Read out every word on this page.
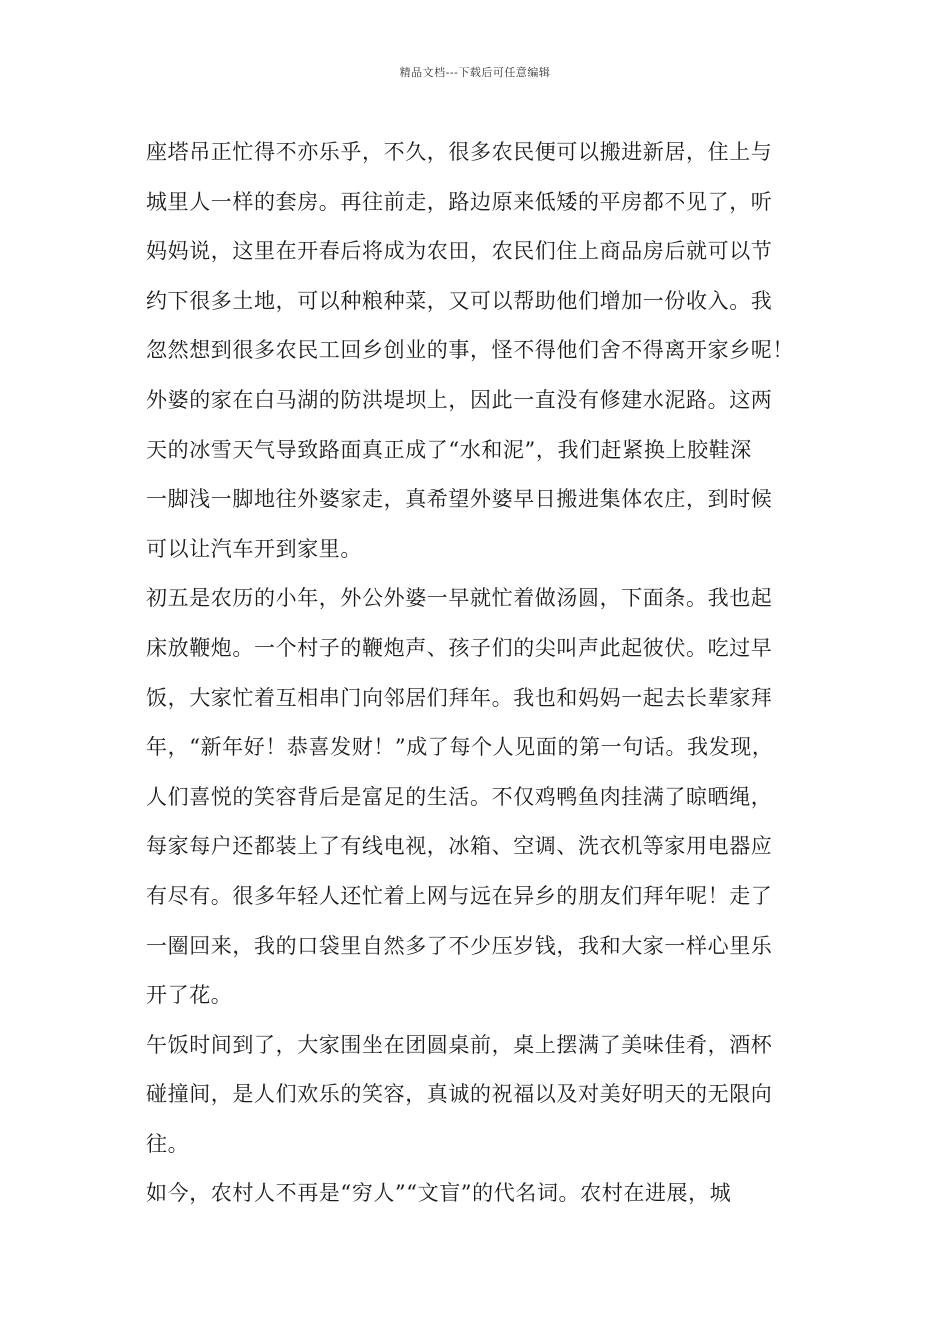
精品文档---下载后可任意编辑
座塔吊正忙得不亦乐乎，不久，很多农民便可以搬进新居，住上与
城里人一样的套房。再往前走，路边原来低矮的平房都不见了，听
妈妈说，这里在开春后将成为农田，农民们住上商品房后就可以节
约下很多土地，可以种粮种菜，又可以帮助他们增加一份收入。我
忽然想到很多农民工回乡创业的事，怪不得他们舍不得离开家乡呢！
外婆的家在白马湖的防洪堤坝上，因此一直没有修建水泥路。这两
天的冰雪天气导致路面真正成了“水和泥”，我们赶紧换上胶鞋深
一脚浅一脚地往外婆家走，真希望外婆早日搬进集体农庄，到时候
可以让汽车开到家里。
初五是农历的小年，外公外婆一早就忙着做汤圆，下面条。我也起
床放鞭炮。一个村子的鞭炮声、孩子们的尖叫声此起彼伏。吃过早
饭，大家忙着互相串门向邻居们拜年。我也和妈妈一起去长辈家拜
年，“新年好！恭喜发财！”成了每个人见面的第一句话。我发现，
人们喜悦的笑容背后是富足的生活。不仅鸡鸭鱼肉挂满了晾晒绳，
每家每户还都装上了有线电视，冰箱、空调、洗衣机等家用电器应
有尽有。很多年轻人还忙着上网与远在异乡的朋友们拜年呢！走了
一圈回来，我的口袋里自然多了不少压岁钱，我和大家一样心里乐
开了花。
午饭时间到了，大家围坐在团圆桌前，桌上摆满了美味佳肴，酒杯
碰撞间，是人们欢乐的笑容，真诚的祝福以及对美好明天的无限向
往。
如今，农村人不再是“穷人”“文盲”的代名词。农村在进展，城
